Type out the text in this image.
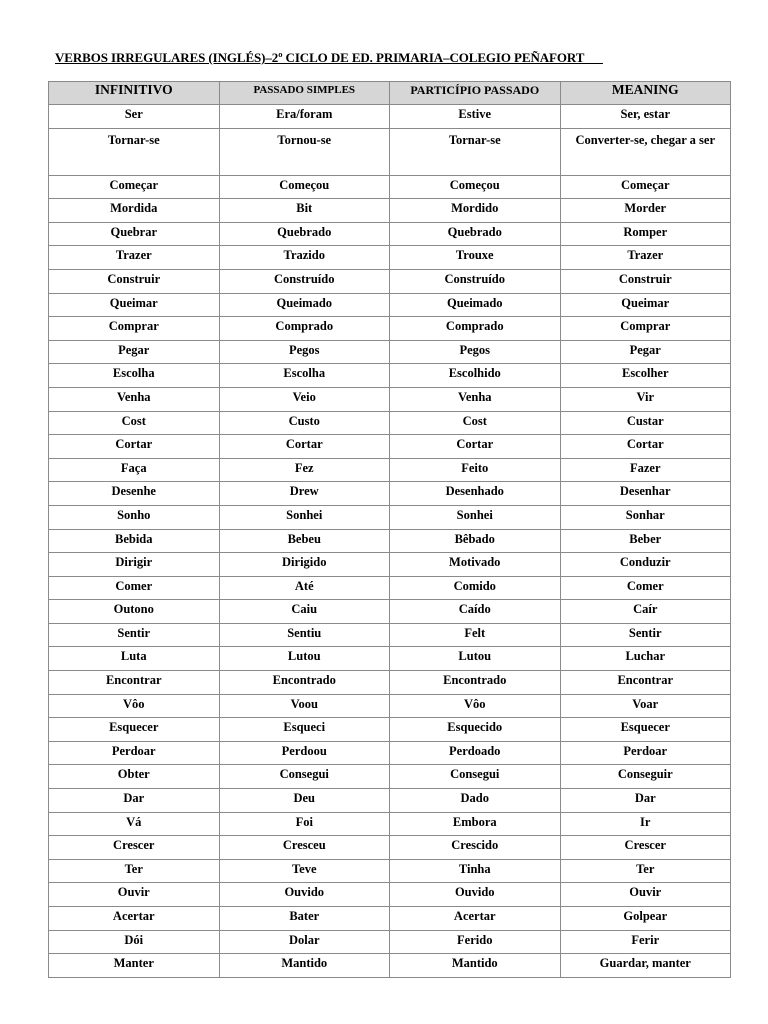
VERBOS IRREGULARES (INGLÉS)–2º CICLO DE ED. PRIMARIA–COLEGIO PEÑAFORT
INFINITIVO	PASSADO SIMPLES	PARTICÍPIO PASSADO	MEANING
Ser	Era/foram	Estive	Ser, estar
Tornar-se	Tornou-se	Tornar-se	Converter-se, chegar a ser
Começar	Começou	Começou	Começar
Mordida	Bit	Mordido	Morder
Quebrar	Quebrado	Quebrado	Romper
Trazer	Trazido	Trouxe	Trazer
Construir	Construído	Construído	Construir
Queimar	Queimado	Queimado	Queimar
Comprar	Comprado	Comprado	Comprar
Pegar	Pegos	Pegos	Pegar
Escolha	Escolha	Escolhido	Escolher
Venha	Veio	Venha	Vir
Cost	Custo	Cost	Custar
Cortar	Cortar	Cortar	Cortar
Faça	Fez	Feito	Fazer
Desenhe	Drew	Desenhado	Desenhar
Sonho	Sonhei	Sonhei	Sonhar
Bebida	Bebeu	Bêbado	Beber
Dirigir	Dirigido	Motivado	Conduzir
Comer	Até	Comido	Comer
Outono	Caiu	Caído	Caír
Sentir	Sentiu	Felt	Sentir
Luta	Lutou	Lutou	Luchar
Encontrar	Encontrado	Encontrado	Encontrar
Vôo	Voou	Vôo	Voar
Esquecer	Esqueci	Esquecido	Esquecer
Perdoar	Perdoou	Perdoado	Perdoar
Obter	Consegui	Consegui	Conseguir
Dar	Deu	Dado	Dar
Vá	Foi	Embora	Ir
Crescer	Cresceu	Crescido	Crescer
Ter	Teve	Tinha	Ter
Ouvir	Ouvido	Ouvido	Ouvir
Acertar	Bater	Acertar	Golpear
Dói	Dolar	Ferido	Ferir
Manter	Mantido	Mantido	Guardar, manter
